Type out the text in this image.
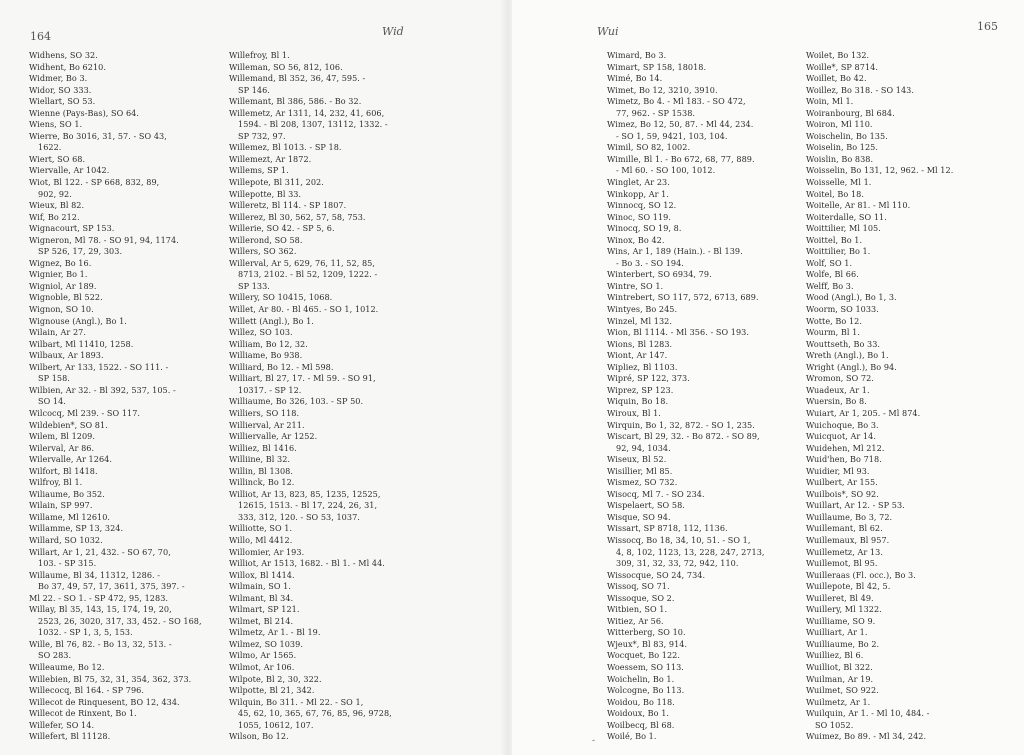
164	Wid
Widhens, SO 32.
Widhent, Bo 6210.
Widmer, Bo 3.
Widor, SO 333.
Wiellart, SO 53.
Wienne (Pays-Bas), SO 64.
Wiens, SO 1.
Wierre, Bo 3016, 31, 57. - SO 43,
1622.
Wiert, SO 68.
Wiervalle, Ar 1042.
Wiot, Bl 122. - SP 668, 832, 89,
902, 92.
Wieux, Bl 82.
Wif, Bo 212.
Wignacourt, SP 153.
Wigneron, Ml 78. - SO 91, 94, 1174.
SP 526, 17, 29, 303.
Wignez, Bo 16.
Wignier, Bo 1.
Wigniol, Ar 189.
Wignoble, Bl 522.
Wignon, SO 10.
Wignouse (Angl.), Bo 1.
Wilain, Ar 27.
Wilbart, Ml 11410, 1258.
Wilbaux, Ar 1893.
Wilbert, Ar 133, 1522. - SO 111. -
SP 158.
Wilbien, Ar 32. - Bl 392, 537, 105. -
SO 14.
Wilcocq, Ml 239. - SO 117.
Wildebien*, SO 81.
Wilem, Bl 1209.
Wilerval, Ar 86.
Wilervalle, Ar 1264.
Wilfort, Bl 1418.
Wilfroy, Bl 1.
Wiliaume, Bo 352.
Wilain, SP 997.
Willame, Ml 12610.
Willamme, SP 13, 324.
Willard, SO 1032.
Willart, Ar 1, 21, 432. - SO 67, 70,
103. - SP 315.
Willaume, Bl 34, 11312, 1286. -
Bo 37, 49, 57, 17, 3611, 375, 397. -
Ml 22. - SO 1. - SP 472, 95, 1283.
Willay, Bl 35, 143, 15, 174, 19, 20,
2523, 26, 3020, 317, 33, 452. - SO 168,
1032. - SP 1, 3, 5, 153.
Wille, Bl 76, 82. - Bo 13, 32, 513. -
SO 283.
Willeaume, Bo 12.
Willebien, Bl 75, 32, 31, 354, 362, 373.
Willecocq, Bl 164. - SP 796.
Willecot de Rinquesent, BO 12, 434.
Willecot de Rinxent, Bo 1.
Willefer, SO 14.
Willefert, Bl 11128.
Willefroy, Bl 1.
Willeman, SO 56, 812, 106.
Willemand, Bl 352, 36, 47, 595. -
SP 146.
Willemant, Bl 386, 586. - Bo 32.
Willemetz, Ar 1311, 14, 232, 41, 606,
1594. - Bl 208, 1307, 13112, 1332. -
SP 732, 97.
Willemez, Bl 1013. - SP 18.
Willemezt, Ar 1872.
Willems, SP 1.
Willepote, Bl 311, 202.
Willepotte, Bl 33.
Willeretz, Bl 114. - SP 1807.
Willerez, Bl 30, 562, 57, 58, 753.
Willerie, SO 42. - SP 5, 6.
Willerond, SO 58.
Willers, SO 362.
Willerval, Ar 5, 629, 76, 11, 52, 85,
8713, 2102. - Bl 52, 1209, 1222. -
SP 133.
Willery, SO 10415, 1068.
Willet, Ar 80. - Bl 465. - SO 1, 1012.
Willett (Angl.), Bo 1.
Willez, SO 103.
William, Bo 12, 32.
Williame, Bo 938.
Williard, Bo 12. - Ml 598.
Williart, Bl 27, 17. - Ml 59. - SO 91,
10317. - SP 12.
Williaume, Bo 326, 103. - SP 50.
Williers, SO 118.
Willierval, Ar 211.
Williervalle, Ar 1252.
Williez, Bl 1416.
Williine, Bl 32.
Willin, Bl 1308.
Willinck, Bo 12.
Williot, Ar 13, 823, 85, 1235, 12525,
12615, 1513. - Bl 17, 224, 26, 31,
333, 312, 120. - SO 53, 1037.
Williotte, SO 1.
Willo, Ml 4412.
Willomier, Ar 193.
Williot, Ar 1513, 1682. - Bl 1. - Ml 44.
Willox, Bl 1414.
Wilmain, SO 1.
Wilmant, Bl 34.
Wilmart, SP 121.
Wilmet, Bl 214.
Wilmetz, Ar 1. - Bl 19.
Wilmez, SO 1039.
Wilmo, Ar 1565.
Wilmot, Ar 106.
Wilpote, Bl 2, 30, 322.
Wilpotte, Bl 21, 342.
Wilquin, Bo 311. - Ml 22. - SO 1,
45, 62, 10, 365, 67, 76, 85, 96, 9728,
1055, 10612, 107.
Wilson, Bo 12.
Wui	165
Wimard, Bo 3.
Wimart, SP 158, 18018.
Wimé, Bo 14.
Wimet, Bo 12, 3210, 3910.
Wimetz, Bo 4. - Ml 183. - SO 472,
77, 962. - SP 1538.
Wimez, Bo 12, 50, 87. - Ml 44, 234.
- SO 1, 59, 9421, 103, 104.
Wimil, SO 82, 1002.
Wimille, Bl 1. - Bo 672, 68, 77, 889.
- Ml 60. - SO 100, 1012.
Winglet, Ar 23.
Winkopp, Ar 1.
Winnocq, SO 12.
Winoc, SO 119.
Winocq, SO 19, 8.
Winox, Bo 42.
Wins, Ar 1, 189 (Hain.). - Bl 139.
- Bo 3. - SO 194.
Winterbert, SO 6934, 79.
Wintre, SO 1.
Wintrebert, SO 117, 572, 6713, 689.
Wintyes, Bo 245.
Winzel, Ml 132.
Wion, Bl 1114. - Ml 356. - SO 193.
Wions, Bl 1283.
Wiont, Ar 147.
Wipliez, Bl 1103.
Wipré, SP 122, 373.
Wiprez, SP 123.
Wiquin, Bo 18.
Wiroux, Bl 1.
Wirquin, Bo 1, 32, 872. - SO 1, 235.
Wiscart, Bl 29, 32. - Bo 872. - SO 89,
92, 94, 1034.
Wiseux, Bl 52.
Wisillier, Ml 85.
Wismez, SO 732.
Wisocq, Ml 7. - SO 234.
Wispelaert, SO 58.
Wisque, SO 94.
Wissart, SP 8718, 112, 1136.
Wissocq, Bo 18, 34, 10, 51. - SO 1,
4, 8, 102, 1123, 13, 228, 247, 2713,
309, 31, 32, 33, 72, 942, 110.
Wissocque, SO 24, 734.
Wissoq, SO 71.
Wissoque, SO 2.
Witbien, SO 1.
Witiez, Ar 56.
Witterberg, SO 10.
Wjeux*, Bl 83, 914.
Wocquet, Bo 122.
Woessem, SO 113.
Woichelin, Bo 1.
Wolcogne, Bo 113.
Woidou, Bo 118.
Woidoux, Bo 1.
Woilbecq, Bl 68.
Woilé, Bo 1.
Woilet, Bo 132.
Woille*, SP 8714.
Woillet, Bo 42.
Woillez, Bo 318. - SO 143.
Woin, Ml 1.
Woiranbourg, Bl 684.
Woiron, Ml 110.
Woischelin, Bo 135.
Woiselin, Bo 125.
Woislin, Bo 838.
Woisselin, Bo 131, 12, 962. - Ml 12.
Woisselle, Ml 1.
Woitel, Bo 18.
Woitelle, Ar 81. - Ml 110.
Woiterdalle, SO 11.
Woittilier, Ml 105.
Woittel, Bo 1.
Woittilier, Bo 1.
Wolf, SO 1.
Wolfe, Bl 66.
Welff, Bo 3.
Wood (Angl.), Bo 1, 3.
Woorm, SO 1033.
Wotte, Bo 12.
Wourm, Bl 1.
Wouttseth, Bo 33.
Wreth (Angl.), Bo 1.
Wright (Angl.), Bo 94.
Wromon, SO 72.
Wuadeux, Ar 1.
Wuersin, Bo 8.
Wuiart, Ar 1, 205. - Ml 874.
Wuichoque, Bo 3.
Wuicquot, Ar 14.
Wuidehen, Ml 212.
Wuid'hen, Bo 718.
Wuidier, Ml 93.
Wuilbert, Ar 155.
Wuilbois*, SO 92.
Wuillart, Ar 12. - SP 53.
Wuillaume, Bo 3, 72.
Wuillemant, Bl 62.
Wuillemaux, Bl 957.
Wuillemetz, Ar 13.
Wuillemot, Bl 95.
Wuilleraas (Fl. occ.), Bo 3.
Wuillepote, Bl 42, 5.
Wuilleret, Bl 49.
Wuillery, Ml 1322.
Wuilliame, SO 9.
Wuilliart, Ar 1.
Wuilliaume, Bo 2.
Wuilliez, Bl 6.
Wuilliot, Bl 322.
Wuilman, Ar 19.
Wuilmet, SO 922.
Wuilmetz, Ar 1.
Wuilquin, Ar 1. - Ml 10, 484. -
SO 1052.
Wuimez, Bo 89. - Ml 34, 242.
-
